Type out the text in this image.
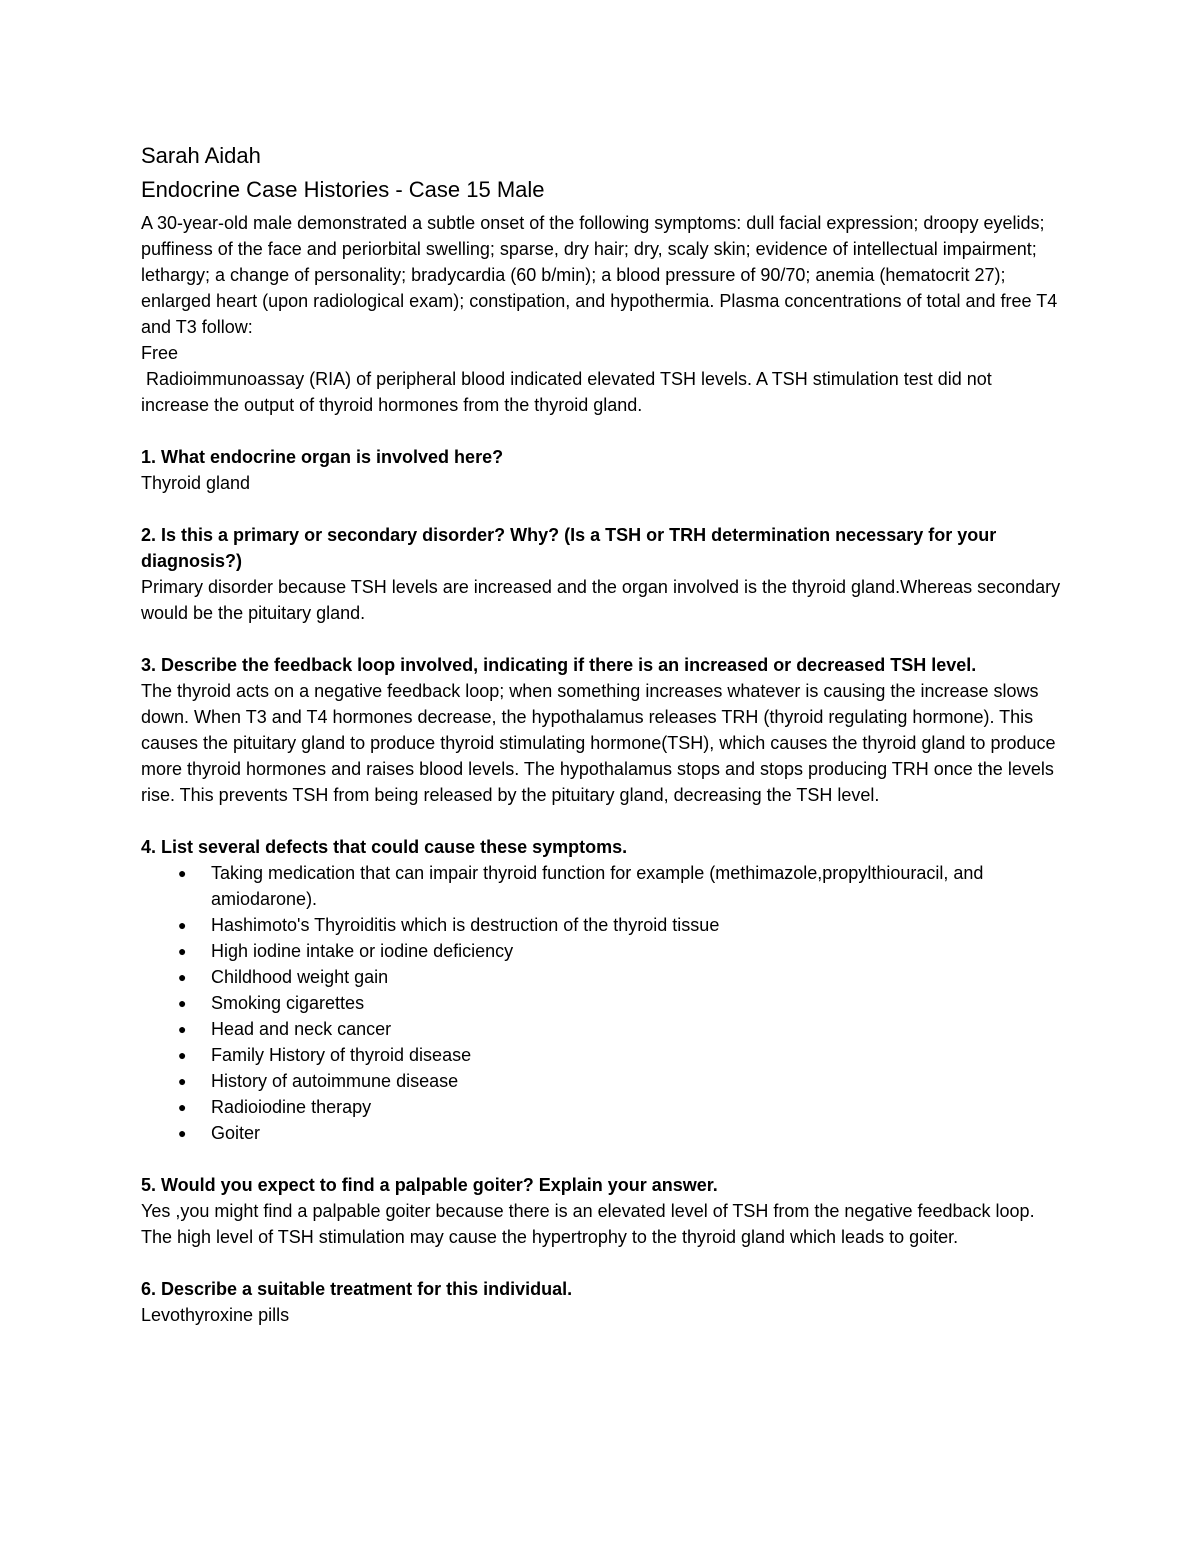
Sarah Aidah
Endocrine Case Histories - Case 15 Male

A 30-year-old male demonstrated a subtle onset of the following symptoms: dull facial expression; droopy eyelids; puffiness of the face and periorbital swelling; sparse, dry hair; dry, scaly skin; evidence of intellectual impairment; lethargy; a change of personality; bradycardia (60 b/min); a blood pressure of 90/70; anemia (hematocrit 27); enlarged heart (upon radiological exam); constipation, and hypothermia. Plasma concentrations of total and free T4 and T3 follow:

Free

Radioimmunoassay (RIA) of peripheral blood indicated elevated TSH levels. A TSH stimulation test did not increase the output of thyroid hormones from the thyroid gland.

1. What endocrine organ is involved here?

Thyroid gland

2. Is this a primary or secondary disorder? Why? (Is a TSH or TRH determination necessary for your diagnosis?)

Primary disorder because TSH levels are increased and the organ involved is the thyroid gland.Whereas secondary would be the pituitary gland.

3. Describe the feedback loop involved, indicating if there is an increased or decreased TSH level.

The thyroid acts on a negative feedback loop; when something increases whatever is causing the increase slows down. When T3 and T4 hormones decrease, the hypothalamus releases TRH (thyroid regulating hormone). This causes the pituitary gland to produce thyroid stimulating hormone(TSH), which causes the thyroid gland to produce more thyroid hormones and raises blood levels. The hypothalamus stops and stops producing TRH once the levels rise. This prevents TSH from being released by the pituitary gland, decreasing the TSH level.

4. List several defects that could cause these symptoms.

● Taking medication that can impair thyroid function for example (methimazole,propylthiouracil, and amiodarone).
● Hashimoto's Thyroiditis which is destruction of the thyroid tissue
● High iodine intake or iodine deficiency
● Childhood weight gain
● Smoking cigarettes
● Head and neck cancer
● Family History of thyroid disease
● History of autoimmune disease
● Radioiodine therapy
● Goiter

5. Would you expect to find a palpable goiter? Explain your answer.

Yes ,you might find a palpable goiter because there is an elevated level of TSH from the negative feedback loop. The high level of TSH stimulation may cause the hypertrophy to the thyroid gland which leads to goiter.

6. Describe a suitable treatment for this individual.

Levothyroxine pills
